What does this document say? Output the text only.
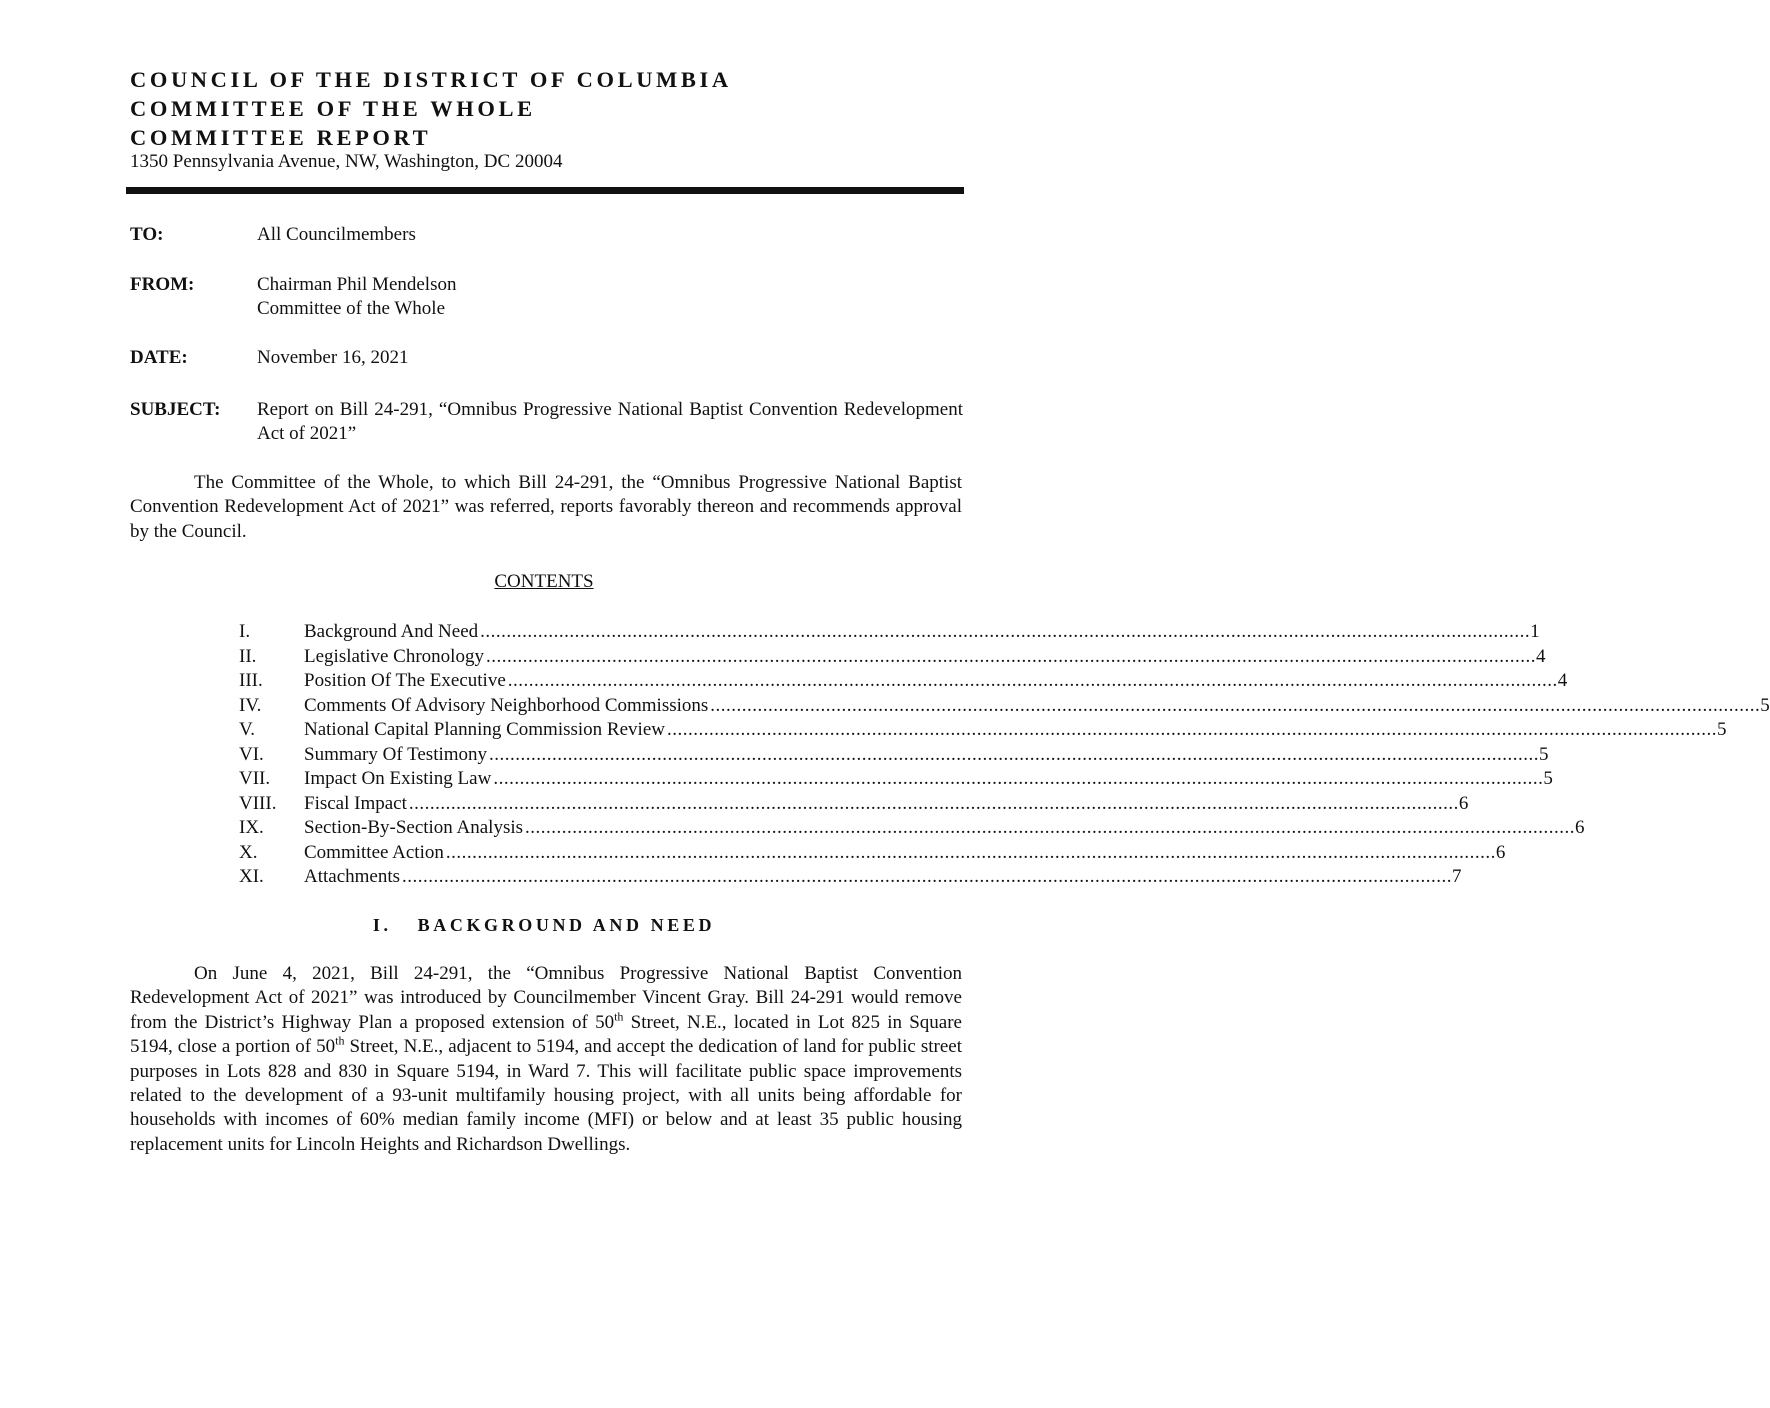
COUNCIL OF THE DISTRICT OF COLUMBIA
COMMITTEE OF THE WHOLE
COMMITTEE REPORT
1350 Pennsylvania Avenue, NW, Washington, DC 20004
TO:	All Councilmembers
FROM:	Chairman Phil Mendelson
Committee of the Whole
DATE:	November 16, 2021
SUBJECT: Report on Bill 24-291, “Omnibus Progressive National Baptist Convention Redevelopment Act of 2021”
The Committee of the Whole, to which Bill 24-291, the “Omnibus Progressive National Baptist Convention Redevelopment Act of 2021” was referred, reports favorably thereon and recommends approval by the Council.
CONTENTS
I.	Background And Need ........................................................................................................................................................................................................ 1
II.	Legislative Chronology ........................................................................................................................................................................................................ 4
III.	Position Of The Executive ........................................................................................................................................................................................................ 4
IV.	Comments Of Advisory Neighborhood Commissions ........................................................................................................................................................................................................ 5
V.	National Capital Planning Commission Review ........................................................................................................................................................................................................ 5
VI.	Summary Of Testimony ........................................................................................................................................................................................................ 5
VII.	Impact On Existing Law ........................................................................................................................................................................................................ 5
VIII.	Fiscal Impact ........................................................................................................................................................................................................ 6
IX.	Section-By-Section Analysis ........................................................................................................................................................................................................ 6
X.	Committee Action ........................................................................................................................................................................................................ 6
XI.	Attachments ........................................................................................................................................................................................................ 7
I. BACKGROUND AND NEED
On June 4, 2021, Bill 24-291, the “Omnibus Progressive National Baptist Convention Redevelopment Act of 2021” was introduced by Councilmember Vincent Gray. Bill 24-291 would remove from the District’s Highway Plan a proposed extension of 50th Street, N.E., located in Lot 825 in Square 5194, close a portion of 50th Street, N.E., adjacent to 5194, and accept the dedication of land for public street purposes in Lots 828 and 830 in Square 5194, in Ward 7. This will facilitate public space improvements related to the development of a 93-unit multifamily housing project, with all units being affordable for households with incomes of 60% median family income (MFI) or below and at least 35 public housing replacement units for Lincoln Heights and Richardson Dwellings.
